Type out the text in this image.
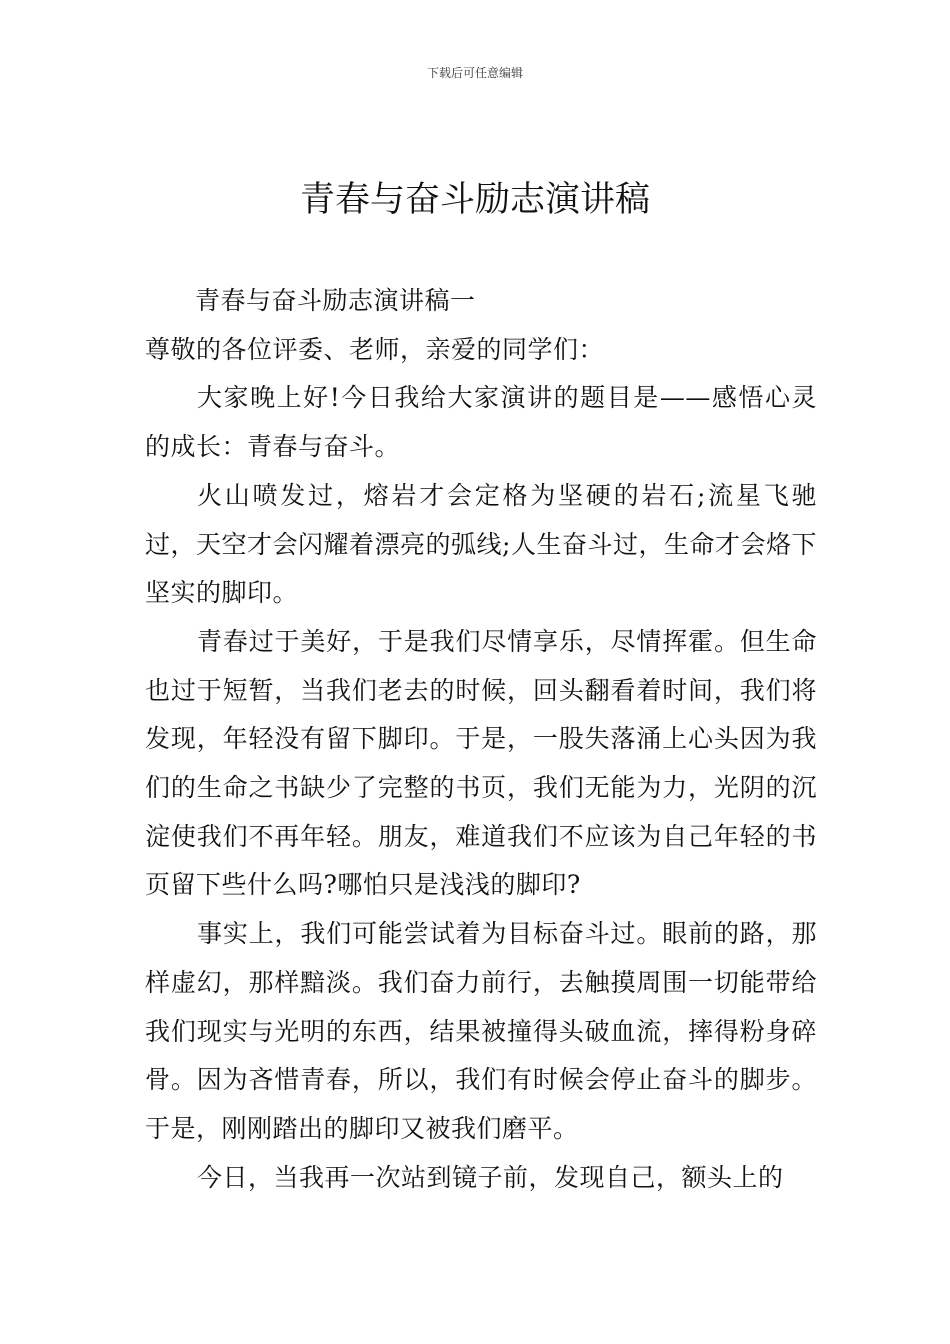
下载后可任意编辑
青春与奋斗励志演讲稿

青春与奋斗励志演讲稿一

尊敬的各位评委、老师，亲爱的同学们：

大家晚上好!今日我给大家演讲的题目是——感悟心灵的成长：青春与奋斗。

火山喷发过，熔岩才会定格为坚硬的岩石;流星飞驰过，天空才会闪耀着漂亮的弧线;人生奋斗过，生命才会烙下坚实的脚印。

青春过于美好，于是我们尽情享乐，尽情挥霍。但生命也过于短暂，当我们老去的时候，回头翻看着时间，我们将发现，年轻没有留下脚印。于是，一股失落涌上心头因为我们的生命之书缺少了完整的书页，我们无能为力，光阴的沉淀使我们不再年轻。朋友，难道我们不应该为自己年轻的书页留下些什么吗?哪怕只是浅浅的脚印?

事实上，我们可能尝试着为目标奋斗过。眼前的路，那样虚幻，那样黯淡。我们奋力前行，去触摸周围一切能带给我们现实与光明的东西，结果被撞得头破血流，摔得粉身碎骨。因为吝惜青春，所以，我们有时候会停止奋斗的脚步。于是，刚刚踏出的脚印又被我们磨平。

今日，当我再一次站到镜子前，发现自己，额头上的
